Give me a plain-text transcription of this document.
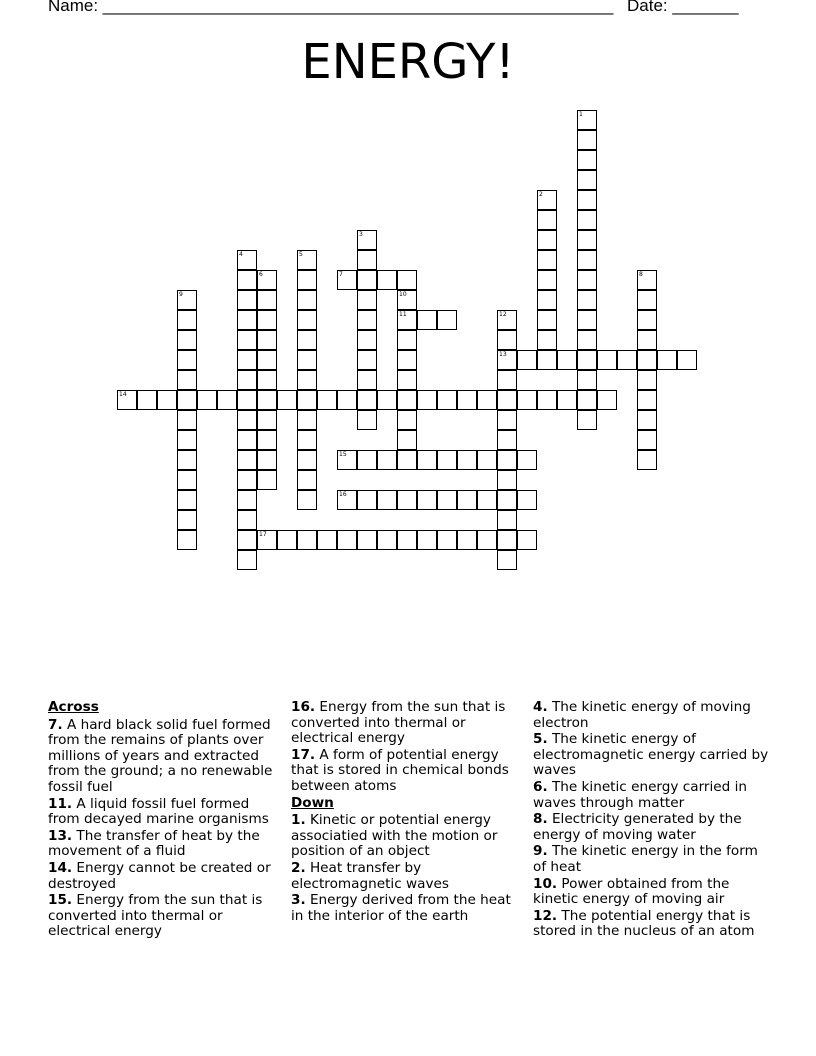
Name: ______________________________________________________ Date: _______
ENERGY!
1
2
3
4	5
6	7	8
9	10
11	12
13
14
15
16
17
Across
7. A hard black solid fuel formed from the remains of plants over millions of years and extracted from the ground; a no renewable fossil fuel
11. A liquid fossil fuel formed from decayed marine organisms
13. The transfer of heat by the movement of a fluid
14. Energy cannot be created or destroyed
15. Energy from the sun that is converted into thermal or electrical energy
16. Energy from the sun that is converted into thermal or electrical energy
17. A form of potential energy that is stored in chemical bonds between atoms
Down
1. Kinetic or potential energy associatied with the motion or position of an object
2. Heat transfer by electromagnetic waves
3. Energy derived from the heat in the interior of the earth
4. The kinetic energy of moving electron
5. The kinetic energy of electromagnetic energy carried by waves
6. The kinetic energy carried in waves through matter
8. Electricity generated by the energy of moving water
9. The kinetic energy in the form of heat
10. Power obtained from the kinetic energy of moving air
12. The potential energy that is stored in the nucleus of an atom
